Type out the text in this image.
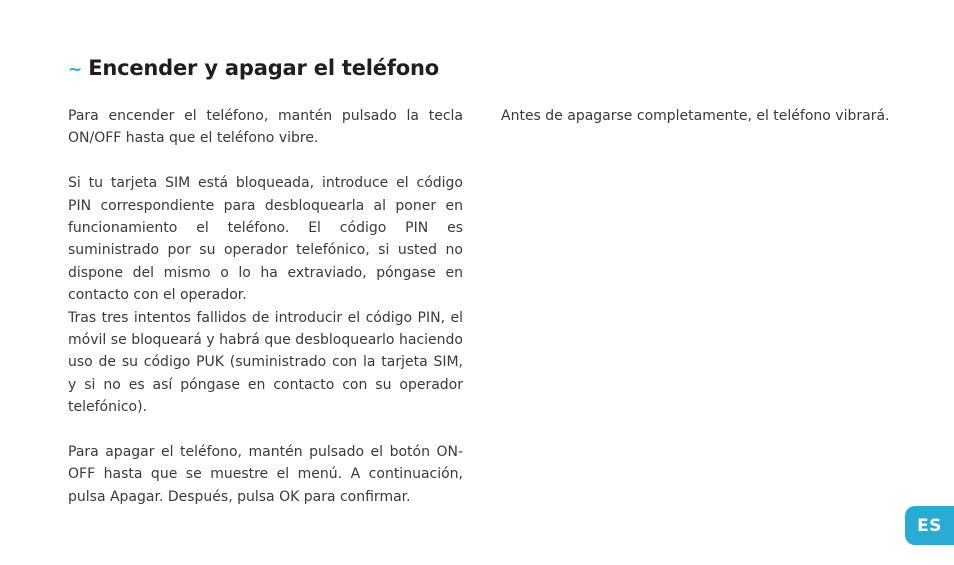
~ Encender y apagar el teléfono

Para encender el teléfono, mantén pulsado la tecla ON/OFF hasta que el teléfono vibre.

Si tu tarjeta SIM está bloqueada, introduce el código PIN correspondiente para desbloquearla al poner en funcionamiento el teléfono. El código PIN es suministrado por su operador telefónico, si usted no dispone del mismo o lo ha extraviado, póngase en contacto con el operador.

Tras tres intentos fallidos de introducir el código PIN, el móvil se bloqueará y habrá que desbloquearlo haciendo uso de su código PUK (suministrado con la tarjeta SIM, y si no es así póngase en contacto con su operador telefónico).

Para apagar el teléfono, mantén pulsado el botón ON-OFF hasta que se muestre el menú. A continuación, pulsa Apagar. Después, pulsa OK para confirmar.

Antes de apagarse completamente, el teléfono vibrará.

ES
